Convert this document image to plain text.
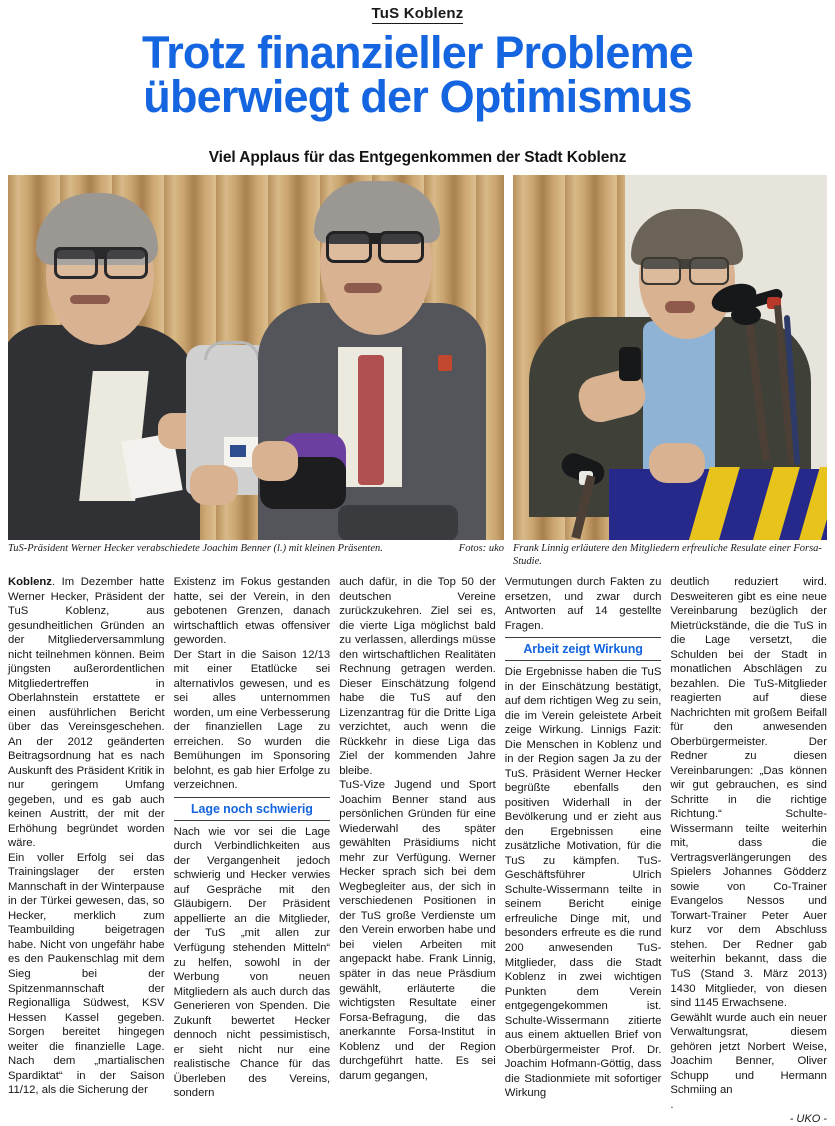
TuS Koblenz
Trotz finanzieller Probleme
überwiegt der Optimismus
Viel Applaus für das Entgegenkommen der Stadt Koblenz
TuS-Präsident Werner Hecker verabschiedete Joachim Benner (l.) mit kleinen Präsenten.	Fotos: uko Frank Linnig erläutere den Mitgliedern erfreuliche Resulate einer Forsa-Studie.

Koblenz. Im Dezember hatte Werner Hecker, Präsident der TuS Koblenz, aus gesundheitlichen Gründen an der Mitgliederversammlung nicht teilnehmen können. Beim jüngsten außerordentlichen Mitgliedertreffen in Oberlahnstein erstattete er einen ausführlichen Bericht über das Vereinsgeschehen. An der 2012 geänderten Beitragsordnung hat es nach Auskunft des Präsident Kritik in nur geringem Umfang gegeben, und es gab auch keinen Austritt, der mit der Erhöhung begründet worden wäre.

Ein voller Erfolg sei das Trainingslager der ersten Mannschaft in der Winterpause in der Türkei gewesen, das, so Hecker, merklich zum Teambuilding beigetragen habe. Nicht von ungefähr habe es den Paukenschlag mit dem Sieg bei der Spitzenmannschaft der Regionalliga Südwest, KSV Hessen Kassel gegeben. Sorgen bereitet hingegen weiter die finanzielle Lage. Nach dem „martialischen Spardiktat“ in der Saison 11/12, als die Sicherung der

Existenz im Fokus gestanden hatte, sei der Verein, in den gebotenen Grenzen, danach wirtschaftlich etwas offensiver geworden.

Der Start in die Saison 12/13 mit einer Etatlücke sei alternativlos gewesen, und es sei alles unternommen worden, um eine Verbesserung der finanziellen Lage zu erreichen. So wurden die Bemühungen im Sponsoring belohnt, es gab hier Erfolge zu verzeichnen.

Lage noch schwierig

Nach wie vor sei die Lage durch Verbindlichkeiten aus der Vergangenheit jedoch schwierig und Hecker verwies auf Gespräche mit den Gläubigern. Der Präsident appellierte an die Mitglieder, der TuS „mit allen zur Verfügung stehenden Mitteln“ zu helfen, sowohl in der Werbung von neuen Mitgliedern als auch durch das Generieren von Spenden. Die Zukunft bewertet Hecker dennoch nicht pessimistisch, er sieht nicht nur eine realistische Chance für das Überleben des Vereins, sondern

auch dafür, in die Top 50 der deutschen Vereine zurückzukehren. Ziel sei es, die vierte Liga möglichst bald zu verlassen, allerdings müsse den wirtschaftlichen Realitäten Rechnung getragen werden. Dieser Einschätzung folgend habe die TuS auf den Lizenzantrag für die Dritte Liga verzichtet, auch wenn die Rückkehr in diese Liga das Ziel der kommenden Jahre bleibe.

TuS-Vize Jugend und Sport Joachim Benner stand aus persönlichen Gründen für eine Wiederwahl des später gewählten Präsidiums nicht mehr zur Verfügung. Werner Hecker sprach sich bei dem Wegbegleiter aus, der sich in verschiedenen Positionen in der TuS große Verdienste um den Verein erworben habe und bei vielen Arbeiten mit angepackt habe. Frank Linnig, später in das neue Präsdium gewählt, erläuterte die wichtigsten Resultate einer Forsa-Befragung, die das anerkannte Forsa-Institut in Koblenz und der Region durchgeführt hatte. Es sei darum gegangen,

Vermutungen durch Fakten zu ersetzen, und zwar durch Antworten auf 14 gestellte Fragen.

Arbeit zeigt Wirkung

Die Ergebnisse haben die TuS in der Einschätzung bestätigt, auf dem richtigen Weg zu sein, die im Verein geleistete Arbeit zeige Wirkung. Linnigs Fazit: Die Menschen in Koblenz und in der Region sagen Ja zu der TuS. Präsident Werner Hecker begrüßte ebenfalls den positiven Widerhall in der Bevölkerung und er zieht aus den Ergebnissen eine zusätzliche Motivation, für die TuS zu kämpfen. TuS-Geschäftsführer Ulrich Schulte-Wissermann teilte in seinem Bericht einige erfreuliche Dinge mit, und besonders erfreute es die rund 200 anwesenden TuS-Mitglieder, dass die Stadt Koblenz in zwei wichtigen Punkten dem Verein entgegengekommen ist. Schulte-Wissermann zitierte aus einem aktuellen Brief von Oberbürgermeister Prof. Dr. Joachim Hofmann-Göttig, dass die Stadionmiete mit sofortiger Wirkung

deutlich reduziert wird. Desweiteren gibt es eine neue Vereinbarung bezüglich der Mietrückstände, die die TuS in die Lage versetzt, die Schulden bei der Stadt in monatlichen Abschlägen zu bezahlen. Die TuS-Mitglieder reagierten auf diese Nachrichten mit großem Beifall für den anwesenden Oberbürgermeister. Der Redner zu diesen Vereinbarungen: „Das können wir gut gebrauchen, es sind Schritte in die richtige Richtung.“ Schulte-Wissermann teilte weiterhin mit, dass die Vertragsverlängerungen des Spielers Johannes Gödderz sowie von Co-Trainer Evangelos Nessos und Torwart-Trainer Peter Auer kurz vor dem Abschluss stehen. Der Redner gab weiterhin bekannt, dass die TuS (Stand 3. März 2013) 1430 Mitglieder, von diesen sind 1145 Erwachsene.

Gewählt wurde auch ein neuer Verwaltungsrat, diesem gehören jetzt Norbert Weise, Joachim Benner, Oliver Schupp und Hermann Schmiing an

.

- UKO -
